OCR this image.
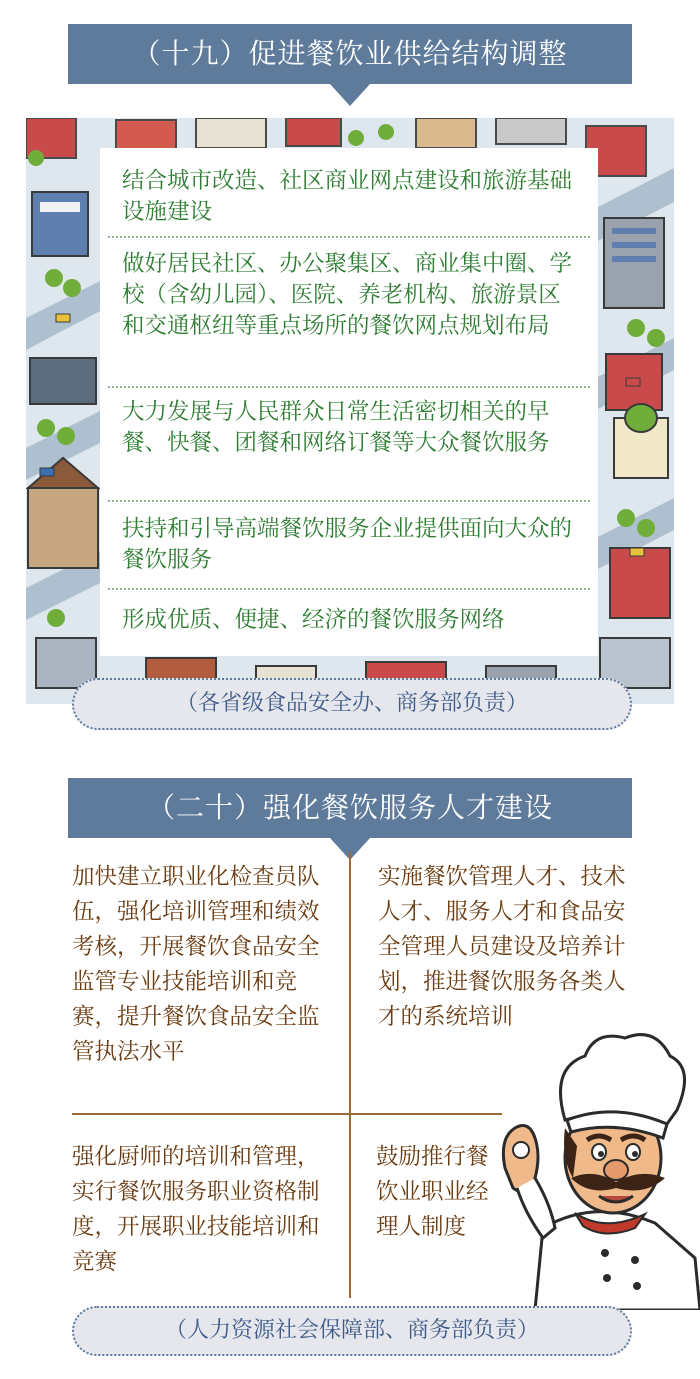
（十九）促进餐饮业供给结构调整
结合城市改造、社区商业网点建设和旅游基础设施建设
做好居民社区、办公聚集区、商业集中圈、学校（含幼儿园）、医院、养老机构、旅游景区和交通枢纽等重点场所的餐饮网点规划布局
大力发展与人民群众日常生活密切相关的早餐、快餐、团餐和网络订餐等大众餐饮服务
扶持和引导高端餐饮服务企业提供面向大众的餐饮服务
形成优质、便捷、经济的餐饮服务网络
（各省级食品安全办、商务部负责）
（二十）强化餐饮服务人才建设
加快建立职业化检查员队伍，强化培训管理和绩效考核，开展餐饮食品安全监管专业技能培训和竞赛，提升餐饮食品安全监管执法水平
实施餐饮管理人才、技术人才、服务人才和食品安全管理人员建设及培养计划，推进餐饮服务各类人才的系统培训
强化厨师的培训和管理，实行餐饮服务职业资格制度，开展职业技能培训和竞赛
鼓励推行餐饮业职业经理人制度
（人力资源社会保障部、商务部负责）
